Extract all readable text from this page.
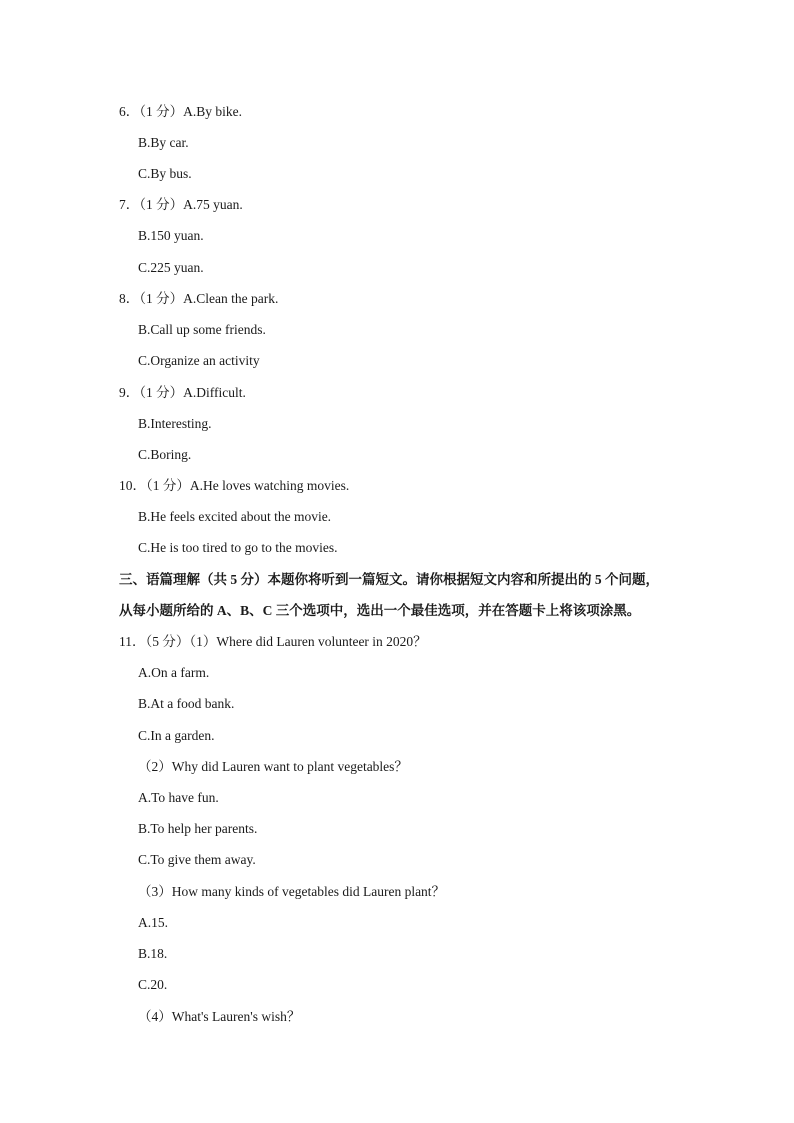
6．（1 分）A.By bike.
B.By car.
C.By bus.
7．（1 分）A.75 yuan.
B.150 yuan.
C.225 yuan.
8．（1 分）A.Clean the park.
B.Call up some friends.
C.Organize an activity
9．（1 分）A.Difficult.
B.Interesting.
C.Boring.
10．（1 分）A.He loves watching movies.
B.He feels excited about the movie.
C.He is too tired to go to the movies.
三、语篇理解（共 5 分）本题你将听到一篇短文。请你根据短文内容和所提出的 5 个问题，
从每小题所给的 A、B、C 三个选项中，选出一个最佳选项，并在答题卡上将该项涂黑。
11．（5 分）（1）Where did Lauren volunteer in 2020？
A.On a farm.
B.At a food bank.
C.In a garden.
（2）Why did Lauren want to plant vegetables？
A.To have fun.
B.To help her parents.
C.To give them away.
（3）How many kinds of vegetables did Lauren plant？
A.15.
B.18.
C.20.
（4）What's Lauren's wish？
